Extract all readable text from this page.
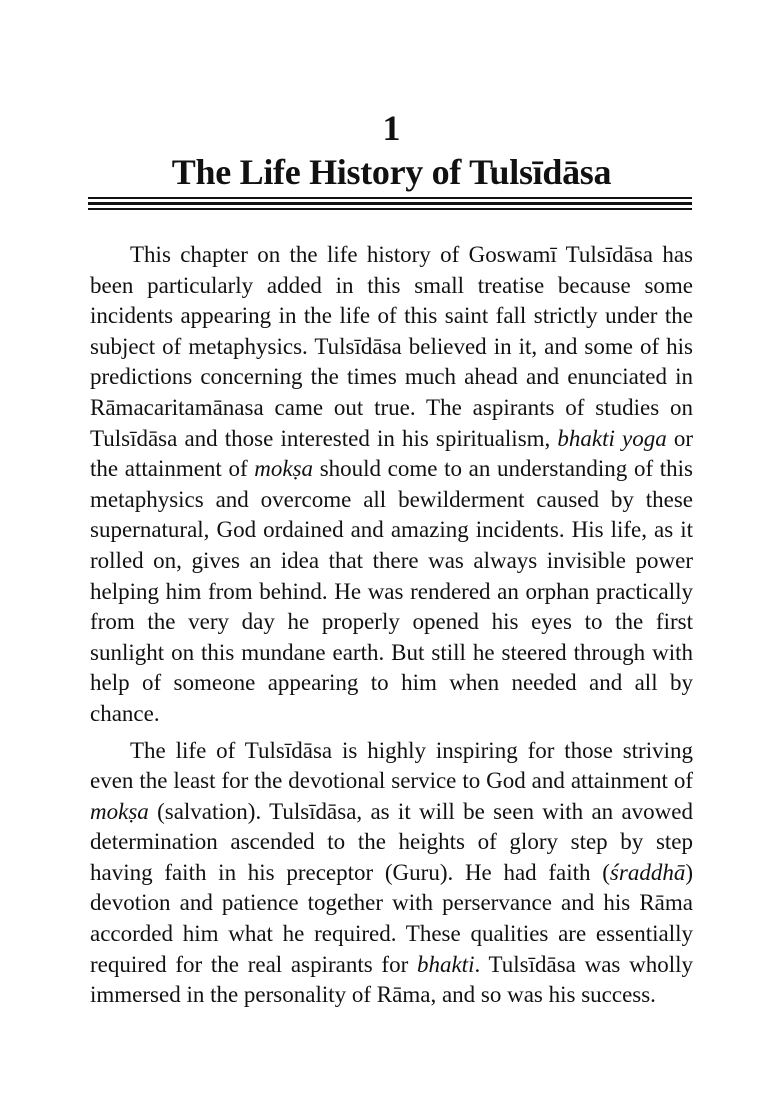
1
The Life History of Tulsīdāsa

This chapter on the life history of Goswamī Tulsīdāsa has been particularly added in this small treatise because some incidents appearing in the life of this saint fall strictly under the subject of metaphysics. Tulsīdāsa believed in it, and some of his predictions concerning the times much ahead and enunciated in Rāmacaritamānasa came out true. The aspirants of studies on Tulsīdāsa and those interested in his spiritualism, bhakti yoga or the attainment of mokṣa should come to an understanding of this metaphysics and overcome all bewilderment caused by these supernatural, God ordained and amazing incidents. His life, as it rolled on, gives an idea that there was always invisible power helping him from behind. He was rendered an orphan practically from the very day he properly opened his eyes to the first sunlight on this mundane earth. But still he steered through with help of someone appearing to him when needed and all by chance.

The life of Tulsīdāsa is highly inspiring for those striving even the least for the devotional service to God and attainment of mokṣa (salvation). Tulsīdāsa, as it will be seen with an avowed determination ascended to the heights of glory step by step having faith in his preceptor (Guru). He had faith (śraddhā) devotion and patience together with perservance and his Rāma accorded him what he required. These qualities are essentially required for the real aspirants for bhakti. Tulsīdāsa was wholly immersed in the personality of Rāma, and so was his success.
